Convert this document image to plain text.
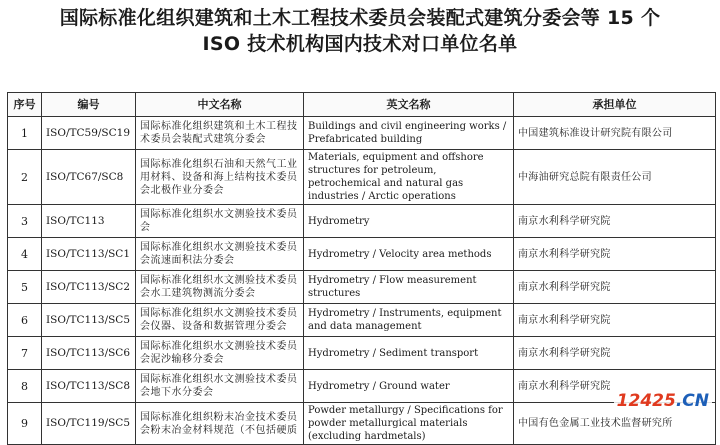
国际标准化组织建筑和土木工程技术委员会装配式建筑分委会等 15 个
ISO 技术机构国内技术对口单位名单
序号	编号	中文名称	英文名称	承担单位
1	ISO/TC59/SC19	国际标准化组织建筑和土木工程技术委员会装配式建筑分委会	Buildings and civil engineering works / Prefabricated building	中国建筑标准设计研究院有限公司
2	ISO/TC67/SC8	国际标准化组织石油和天然气工业用材料、设备和海上结构技术委员会北极作业分委会	Materials, equipment and offshore structures for petroleum, petrochemical and natural gas industries / Arctic operations	中海油研究总院有限责任公司
3	ISO/TC113	国际标准化组织水文测验技术委员会	Hydrometry	南京水利科学研究院
4	ISO/TC113/SC1	国际标准化组织水文测验技术委员会流速面积法分委会	Hydrometry / Velocity area methods	南京水利科学研究院
5	ISO/TC113/SC2	国际标准化组织水文测验技术委员会水工建筑物测流分委会	Hydrometry / Flow measurement structures	南京水利科学研究院
6	ISO/TC113/SC5	国际标准化组织水文测验技术委员会仪器、设备和数据管理分委会	Hydrometry / Instruments, equipment and data management	南京水利科学研究院
7	ISO/TC113/SC6	国际标准化组织水文测验技术委员会泥沙输移分委会	Hydrometry / Sediment transport	南京水利科学研究院
8	ISO/TC113/SC8	国际标准化组织水文测验技术委员会地下水分委会	Hydrometry / Ground water	南京水利科学研究院
9	ISO/TC119/SC5	国际标准化组织粉末冶金技术委员会粉末冶金材料规范（不包括硬质	Powder metallurgy / Specifications for powder metallurgical materials (excluding hardmetals)	中国有色金属工业技术监督研究所
12425.CN
